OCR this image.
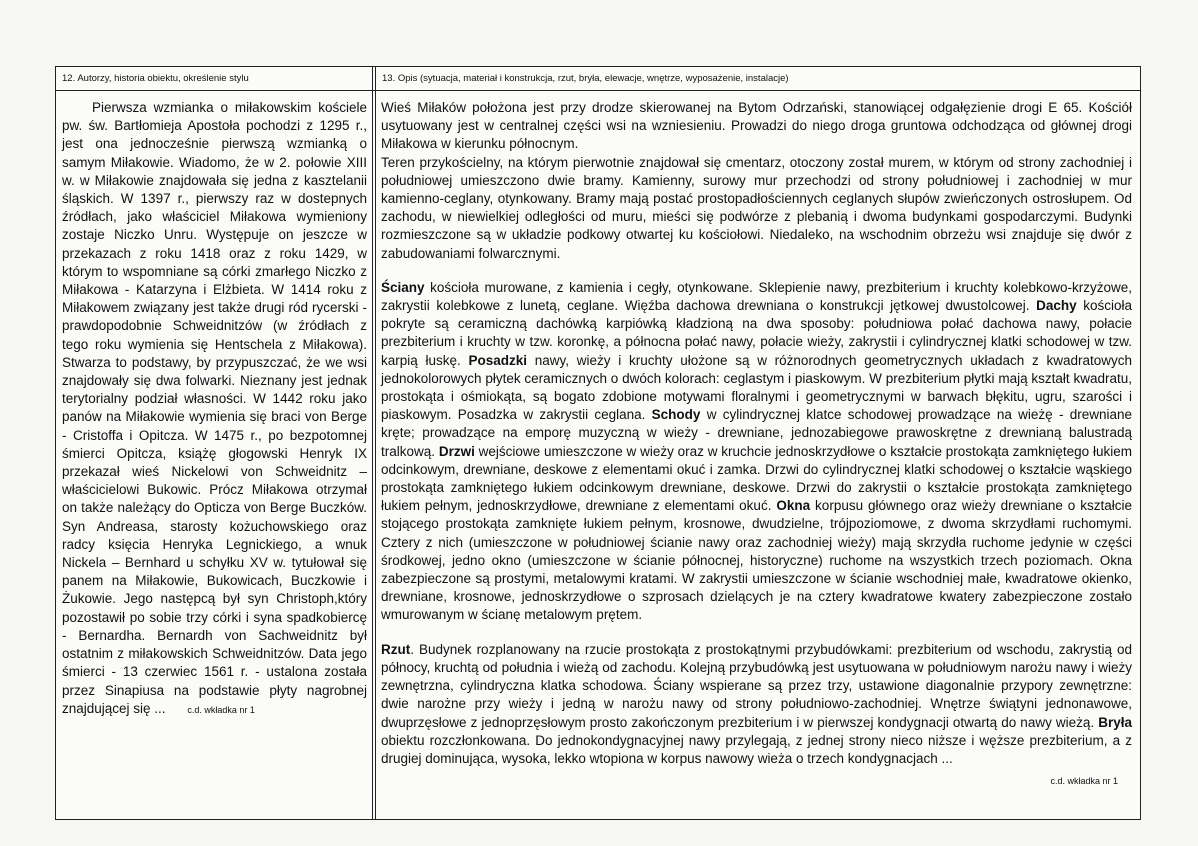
12. Autorzy, historia obiektu, określenie stylu

Pierwsza wzmianka o miłakowskim kościele pw. św. Bartłomieja Apostoła pochodzi z 1295 r., jest ona jednocześnie pierwszą wzmianką o samym Miłakowie. Wiadomo, że w 2. połowie XIII w. w Miłakowie znajdowała się jedna z kasztelanii śląskich. W 1397 r., pierwszy raz w dostepnych źródłach, jako właściciel Miłakowa wymieniony zostaje Niczko Unru. Występuje on jeszcze w przekazach z roku 1418 oraz z roku 1429, w którym to wspomniane są córki zmarłego Niczko z Miłakowa - Katarzyna i Elżbieta. W 1414 roku z Miłakowem związany jest także drugi ród rycerski - prawdopodobnie Schweidnitzów (w źródłach z tego roku wymienia się Hentschela z Miłakowa). Stwarza to podstawy, by przypuszczać, że we wsi znajdowały się dwa folwarki. Nieznany jest jednak terytorialny podział własności. W 1442 roku jako panów na Miłakowie wymienia się braci von Berge - Cristoffa i Opitcza. W 1475 r., po bezpotomnej śmierci Opitcza, książę głogowski Henryk IX przekazał wieś Nickelowi von Schweidnitz – właścicielowi Bukowic. Prócz Miłakowa otrzymał on także należący do Opticza von Berge Buczków. Syn Andreasa, starosty kożuchowskiego oraz radcy księcia Henryka Legnickiego, a wnuk Nickela – Bernhard u schyłku XV w. tytułował się panem na Miłakowie, Bukowicach, Buczkowie i Żukowie. Jego następcą był syn Christoph,który pozostawił po sobie trzy córki i syna spadkobiercę - Bernardha. Bernardh von Sachweidnitz był ostatnim z miłakowskich Schweidnitzów. Data jego śmierci - 13 czerwiec 1561 r. - ustalona została przez Sinapiusa na podstawie płyty nagrobnej znajdującej się ... c.d. wkładka nr 1

13. Opis (sytuacja, materiał i konstrukcja, rzut, bryła, elewacje, wnętrze, wyposażenie, instalacje)

Wieś Miłaków położona jest przy drodze skierowanej na Bytom Odrzański, stanowiącej odgałęzienie drogi E 65. Kościół usytuowany jest w centralnej części wsi na wzniesieniu. Prowadzi do niego droga gruntowa odchodząca od głównej drogi Miłakowa w kierunku północnym.

Teren przykościelny, na którym pierwotnie znajdował się cmentarz, otoczony został murem, w którym od strony zachodniej i południowej umieszczono dwie bramy. Kamienny, surowy mur przechodzi od strony południowej i zachodniej w mur kamienno-ceglany, otynkowany. Bramy mają postać prostopadłościennych ceglanych słupów zwieńczonych ostrosłupem. Od zachodu, w niewielkiej odległości od muru, mieści się podwórze z plebanią i dwoma budynkami gospodarczymi. Budynki rozmieszczone są w układzie podkowy otwartej ku kościołowi. Niedaleko, na wschodnim obrzeżu wsi znajduje się dwór z zabudowaniami folwarcznymi.

Ściany kościoła murowane, z kamienia i cegły, otynkowane. Sklepienie nawy, prezbiterium i kruchty kolebkowo-krzyżowe, zakrystii kolebkowe z lunetą, ceglane. Więźba dachowa drewniana o konstrukcji jętkowej dwustolcowej. Dachy kościoła pokryte są ceramiczną dachówką karpiówką kładzioną na dwa sposoby: południowa połać dachowa nawy, połacie prezbiterium i kruchty w tzw. koronkę, a północna połać nawy, połacie wieży, zakrystii i cylindrycznej klatki schodowej w tzw. karpią łuskę. Posadzki nawy, wieży i kruchty ułożone są w różnorodnych geometrycznych układach z kwadratowych jednokolorowych płytek ceramicznych o dwóch kolorach: ceglastym i piaskowym. W prezbiterium płytki mają kształt kwadratu, prostokąta i ośmiokąta, są bogato zdobione motywami floralnymi i geometrycznymi w barwach błękitu, ugru, szarości i piaskowym. Posadzka w zakrystii ceglana. Schody w cylindrycznej klatce schodowej prowadzące na wieżę - drewniane kręte; prowadzące na emporę muzyczną w wieży - drewniane, jednozabiegowe prawoskrętne z drewnianą balustradą tralkową. Drzwi wejściowe umieszczone w wieży oraz w kruchcie jednoskrzydłowe o kształcie prostokąta zamkniętego łukiem odcinkowym, drewniane, deskowe z elementami okuć i zamka. Drzwi do cylindrycznej klatki schodowej o kształcie wąskiego prostokąta zamkniętego łukiem odcinkowym drewniane, deskowe. Drzwi do zakrystii o kształcie prostokąta zamkniętego łukiem pełnym, jednoskrzydłowe, drewniane z elementami okuć. Okna korpusu głównego oraz wieży drewniane o kształcie stojącego prostokąta zamknięte łukiem pełnym, krosnowe, dwudzielne, trójpoziomowe, z dwoma skrzydłami ruchomymi. Cztery z nich (umieszczone w południowej ścianie nawy oraz zachodniej wieży) mają skrzydła ruchome jedynie w części środkowej, jedno okno (umieszczone w ścianie północnej, historyczne) ruchome na wszystkich trzech poziomach. Okna zabezpieczone są prostymi, metalowymi kratami. W zakrystii umieszczone w ścianie wschodniej małe, kwadratowe okienko, drewniane, krosnowe, jednoskrzydłowe o szprosach dzielących je na cztery kwadratowe kwatery zabezpieczone zostało wmurowanym w ścianę metalowym prętem.

Rzut. Budynek rozplanowany na rzucie prostokąta z prostokątnymi przybudówkami: prezbiterium od wschodu, zakrystią od północy, kruchtą od południa i wieżą od zachodu. Kolejną przybudówką jest usytuowana w południowym narożu nawy i wieży zewnętrzna, cylindryczna klatka schodowa. Ściany wspierane są przez trzy, ustawione diagonalnie przypory zewnętrzne: dwie narożne przy wieży i jedną w narożu nawy od strony południowo-zachodniej. Wnętrze świątyni jednonawowe, dwuprzęsłowe z jednoprzęsłowym prosto zakończonym prezbiterium i w pierwszej kondygnacji otwartą do nawy wieżą. Bryła obiektu rozczłonkowana. Do jednokondygnacyjnej nawy przylegają, z jednej strony nieco niższe i węższe prezbiterium, a z drugiej dominująca, wysoka, lekko wtopiona w korpus nawowy wieża o trzech kondygnacjach ...

c.d. wkładka nr 1
